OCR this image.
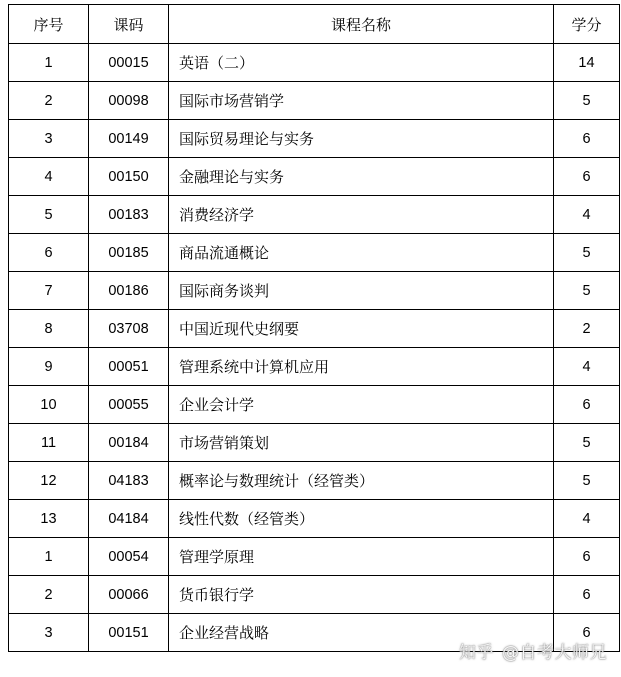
序号	课码	课程名称	学分
1	00015	英语（二）	14
2	00098	国际市场营销学	5
3	00149	国际贸易理论与实务	6
4	00150	金融理论与实务	6
5	00183	消费经济学	4
6	00185	商品流通概论	5
7	00186	国际商务谈判	5
8	03708	中国近现代史纲要	2
9	00051	管理系统中计算机应用	4
10	00055	企业会计学	6
11	00184	市场营销策划	5
12	04183	概率论与数理统计（经管类）	5
13	04184	线性代数（经管类）	4
1	00054	管理学原理	6
2	00066	货币银行学	6
3	00151	企业经营战略	6
知乎 @自考大师兄
